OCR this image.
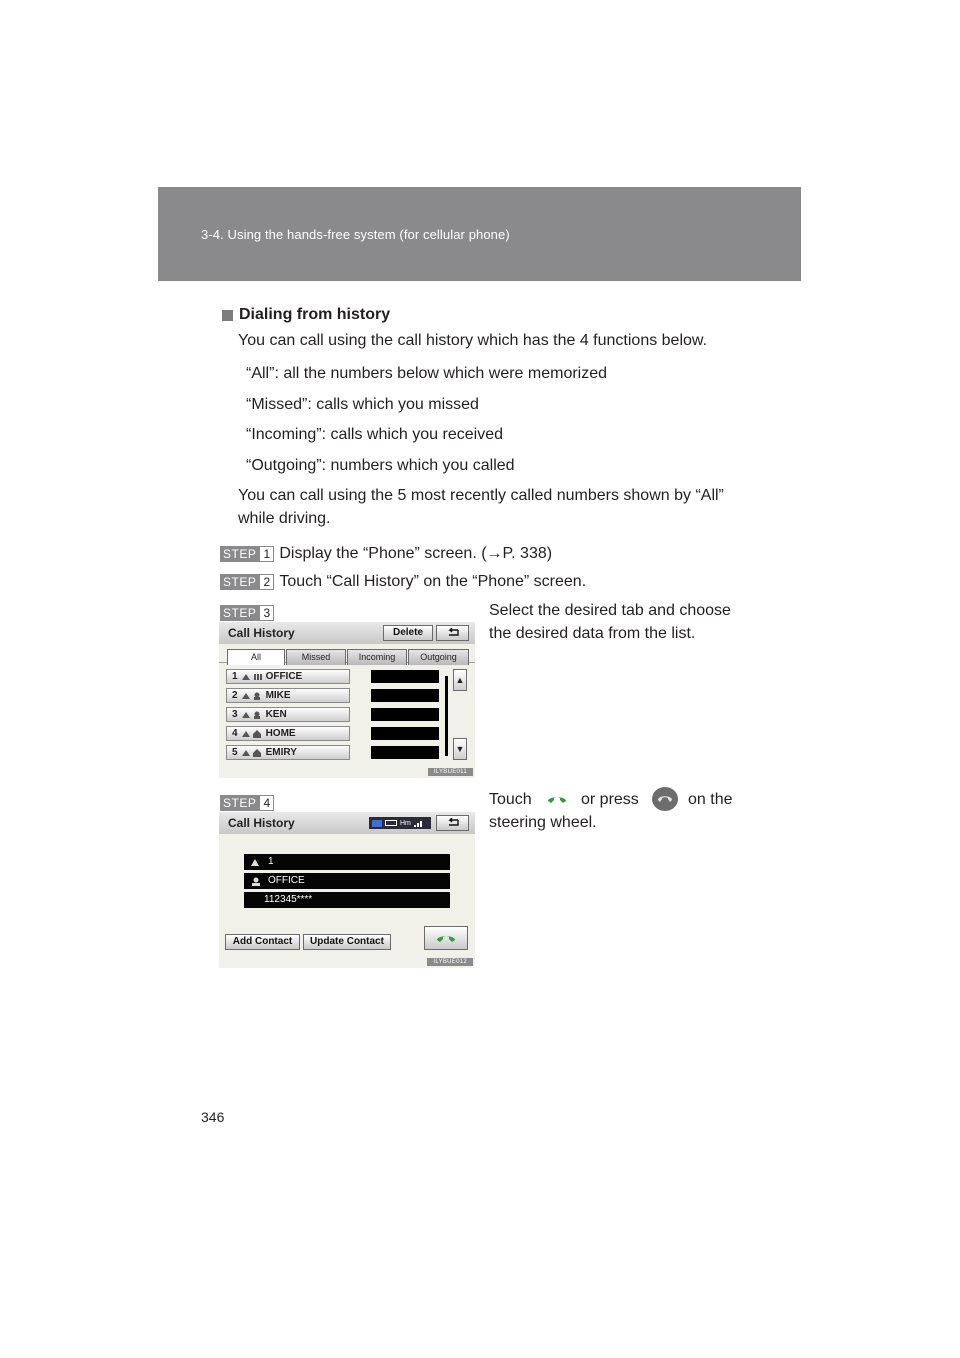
3-4. Using the hands-free system (for cellular phone)
Dialing from history
You can call using the call history which has the 4 functions below.
“All”: all the numbers below which were memorized
“Missed”: calls which you missed
“Incoming”: calls which you received
“Outgoing”: numbers which you called
You can call using the 5 most recently called numbers shown by “All”
while driving.
STEP 1 Display the “Phone” screen. (→P. 338)
STEP 2 Touch “Call History” on the “Phone” screen.
STEP 3	Select the desired tab and choose
the desired data from the list.
Call History	Delete
All	Missed	Incoming	Outgoing
1	OFFICE
2	MIKE
3	KEN
4	HOME
5	EMIRY
▲
▼
ILYBUE011
STEP 4	Touch	or press	on the
steering wheel.
Call History	Hm
1
OFFICE
112345****
Add Contact	Update Contact
ILYBUE012
346
